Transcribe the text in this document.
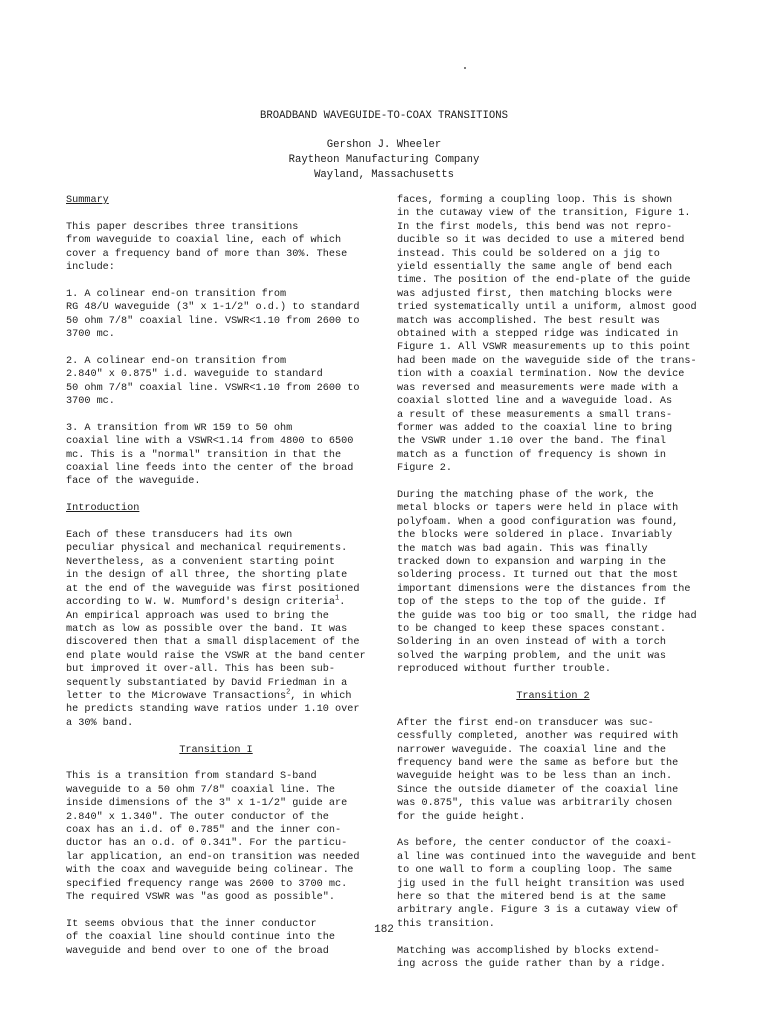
BROADBAND WAVEGUIDE-TO-COAX TRANSITIONS
Gershon J. Wheeler
Raytheon Manufacturing Company
Wayland, Massachusetts
Summary

This paper describes three transitions
from waveguide to coaxial line, each of which
cover a frequency band of more than 30%. These
include:

1. A colinear end-on transition from
RG 48/U waveguide (3" x 1-1/2" o.d.) to standard
50 ohm 7/8" coaxial line. VSWR<1.10 from 2600 to
3700 mc.

2. A colinear end-on transition from
2.840" x 0.875" i.d. waveguide to standard
50 ohm 7/8" coaxial line. VSWR<1.10 from 2600 to
3700 mc.

3. A transition from WR 159 to 50 ohm
coaxial line with a VSWR<1.14 from 4800 to 6500
mc. This is a "normal" transition in that the
coaxial line feeds into the center of the broad
face of the waveguide.

Introduction

Each of these transducers had its own
peculiar physical and mechanical requirements.
Nevertheless, as a convenient starting point
in the design of all three, the shorting plate
at the end of the waveguide was first positioned
according to W. W. Mumford's design criteria$^1$.
An empirical approach was used to bring the
match as low as possible over the band. It was
discovered then that a small displacement of the
end plate would raise the VSWR at the band center
but improved it over-all. This has been sub-
sequently substantiated by David Friedman in a
letter to the Microwave Transactions$^2$, in which
he predicts standing wave ratios under 1.10 over
a 30% band.

Transition I

This is a transition from standard S-band
waveguide to a 50 ohm 7/8" coaxial line. The
inside dimensions of the 3" x 1-1/2" guide are
2.840" x 1.340". The outer conductor of the
coax has an i.d. of 0.785" and the inner con-
ductor has an o.d. of 0.341". For the particu-
lar application, an end-on transition was needed
with the coax and waveguide being colinear. The
specified frequency range was 2600 to 3700 mc.
The required VSWR was "as good as possible".

It seems obvious that the inner conductor
of the coaxial line should continue into the
waveguide and bend over to one of the broad

faces, forming a coupling loop. This is shown
in the cutaway view of the transition, Figure 1.
In the first models, this bend was not repro-
ducible so it was decided to use a mitered bend
instead. This could be soldered on a jig to
yield essentially the same angle of bend each
time. The position of the end-plate of the guide
was adjusted first, then matching blocks were
tried systematically until a uniform, almost good
match was accomplished. The best result was
obtained with a stepped ridge was indicated in
Figure 1. All VSWR measurements up to this point
had been made on the waveguide side of the trans-
tion with a coaxial termination. Now the device
was reversed and measurements were made with a
coaxial slotted line and a waveguide load. As
a result of these measurements a small trans-
former was added to the coaxial line to bring
the VSWR under 1.10 over the band. The final
match as a function of frequency is shown in
Figure 2.

During the matching phase of the work, the
metal blocks or tapers were held in place with
polyfoam. When a good configuration was found,
the blocks were soldered in place. Invariably
the match was bad again. This was finally
tracked down to expansion and warping in the
soldering process. It turned out that the most
important dimensions were the distances from the
top of the steps to the top of the guide. If
the guide was too big or too small, the ridge had
to be changed to keep these spaces constant.
Soldering in an oven instead of with a torch
solved the warping problem, and the unit was
reproduced without further trouble.

Transition 2

After the first end-on transducer was suc-
cessfully completed, another was required with
narrower waveguide. The coaxial line and the
frequency band were the same as before but the
waveguide height was to be less than an inch.
Since the outside diameter of the coaxial line
was 0.875", this value was arbitrarily chosen
for the guide height.

As before, the center conductor of the coaxi-
al line was continued into the waveguide and bent
to one wall to form a coupling loop. The same
jig used in the full height transition was used
here so that the mitered bend is at the same
arbitrary angle. Figure 3 is a cutaway view of
this transition.

Matching was accomplished by blocks extend-
ing across the guide rather than by a ridge.

182
